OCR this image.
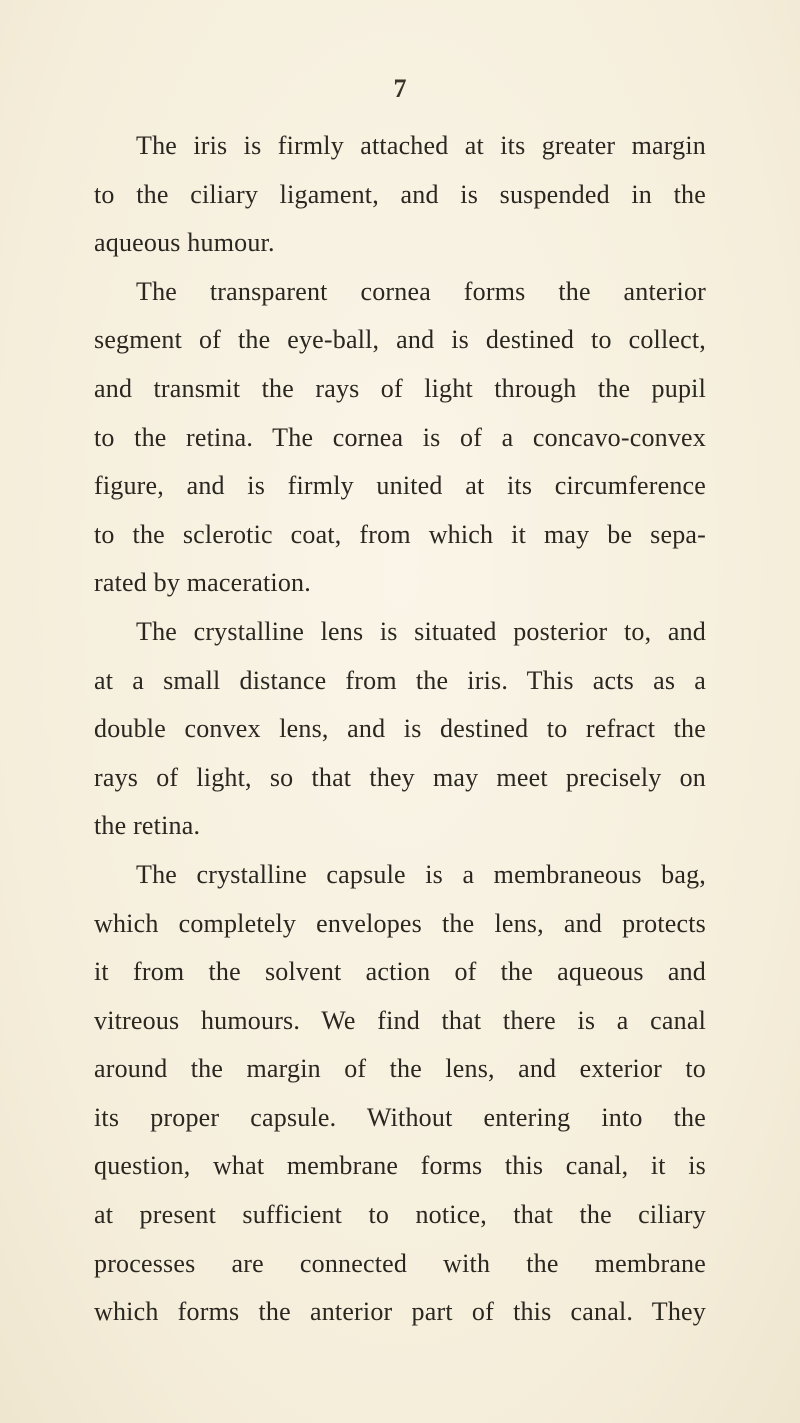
7
The iris is firmly attached at its greater margin
to the ciliary ligament, and is suspended in the
aqueous humour.
The transparent cornea forms the anterior
segment of the eye-ball, and is destined to collect,
and transmit the rays of light through the pupil
to the retina. The cornea is of a concavo-convex
figure, and is firmly united at its circumference
to the sclerotic coat, from which it may be sepa-
rated by maceration.
The crystalline lens is situated posterior to, and
at a small distance from the iris. This acts as a
double convex lens, and is destined to refract the
rays of light, so that they may meet precisely on
the retina.
The crystalline capsule is a membraneous bag,
which completely envelopes the lens, and protects
it from the solvent action of the aqueous and
vitreous humours. We find that there is a canal
around the margin of the lens, and exterior to
its proper capsule. Without entering into the
question, what membrane forms this canal, it is
at present sufficient to notice, that the ciliary
processes are connected with the membrane
which forms the anterior part of this canal. They
